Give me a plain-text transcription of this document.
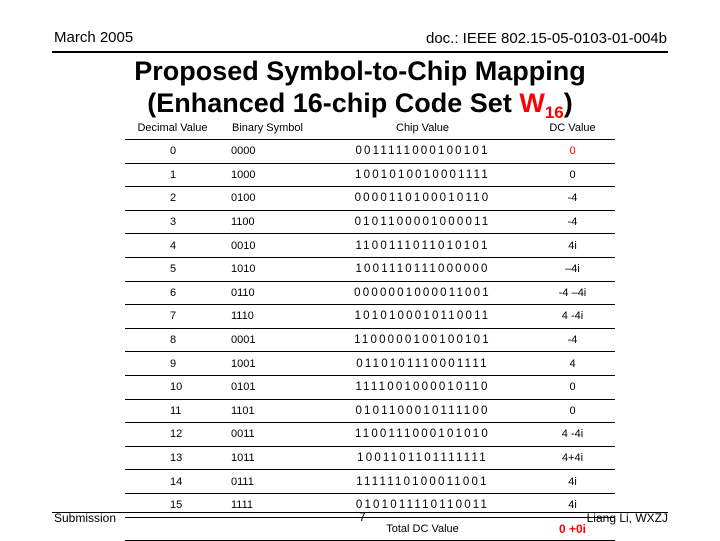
March 2005	doc.: IEEE 802.15-05-0103-01-004b
Proposed Symbol-to-Chip Mapping
(Enhanced 16-chip Code Set $W_{16}$)
Decimal Value	Binary Symbol	Chip Value	DC Value
0	0000	0011111000100101	0
1	1000	1001010010001111	0
2	0100	0000110100010110	-4
3	1100	0101100001000011	-4
4	0010	1100111011010101	4i
5	1010	1001110111000000	–4i
6	0110	0000001000011001	-4 –4i
7	1110	1010100010110011	4 -4i
8	0001	1100000100100101	-4
9	1001	0110101110001111	4
10	0101	1111001000010110	0
11	1101	0101100010111100	0
12	0011	1100111000101010	4 -4i
13	1011	1001101101111111	4+4i
14	0111	1111110100011001	4i
15	1111	0101011110110011	4i
		Total DC Value	0 +0i
Submission	7	Liang Li, WXZJ
